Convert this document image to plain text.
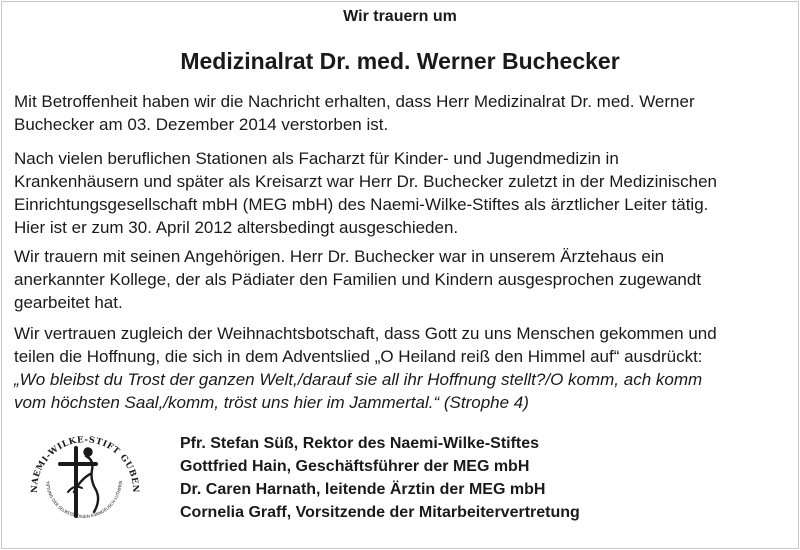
Wir trauern um
Medizinalrat Dr. med. Werner Buchecker

Mit Betroffenheit haben wir die Nachricht erhalten, dass Herr Medizinalrat Dr. med. Werner
Buchecker am 03. Dezember 2014 verstorben ist.

Nach vielen beruflichen Stationen als Facharzt für Kinder- und Jugendmedizin in
Krankenhäusern und später als Kreisarzt war Herr Dr. Buchecker zuletzt in der Medizinischen
Einrichtungsgesellschaft mbH (MEG mbH) des Naemi-Wilke-Stiftes als ärztlicher Leiter tätig.
Hier ist er zum 30. April 2012 altersbedingt ausgeschieden.

Wir trauern mit seinen Angehörigen. Herr Dr. Buchecker war in unserem Ärztehaus ein
anerkannter Kollege, der als Pädiater den Familien und Kindern ausgesprochen zugewandt
gearbeitet hat.

Wir vertrauen zugleich der Weihnachtsbotschaft, dass Gott zu uns Menschen gekommen und
teilen die Hoffnung, die sich in dem Adventslied „O Heiland reiß den Himmel auf“ ausdrückt:
„Wo bleibst du Trost der ganzen Welt,/darauf sie all ihr Hoffnung stellt?/O komm, ach komm
vom höchsten Saal,/komm, tröst uns hier im Jammertal.“ (Strophe 4)

NAEMI-WILKE-STIFT GUBEN
TIFTUNG DER SELBSTÄNDIGEN EVANGELISCH-LUTHERIS
Pfr. Stefan Süß, Rektor des Naemi-Wilke-Stiftes
Gottfried Hain, Geschäftsführer der MEG mbH
Dr. Caren Harnath, leitende Ärztin der MEG mbH
Cornelia Graff, Vorsitzende der Mitarbeitervertretung
